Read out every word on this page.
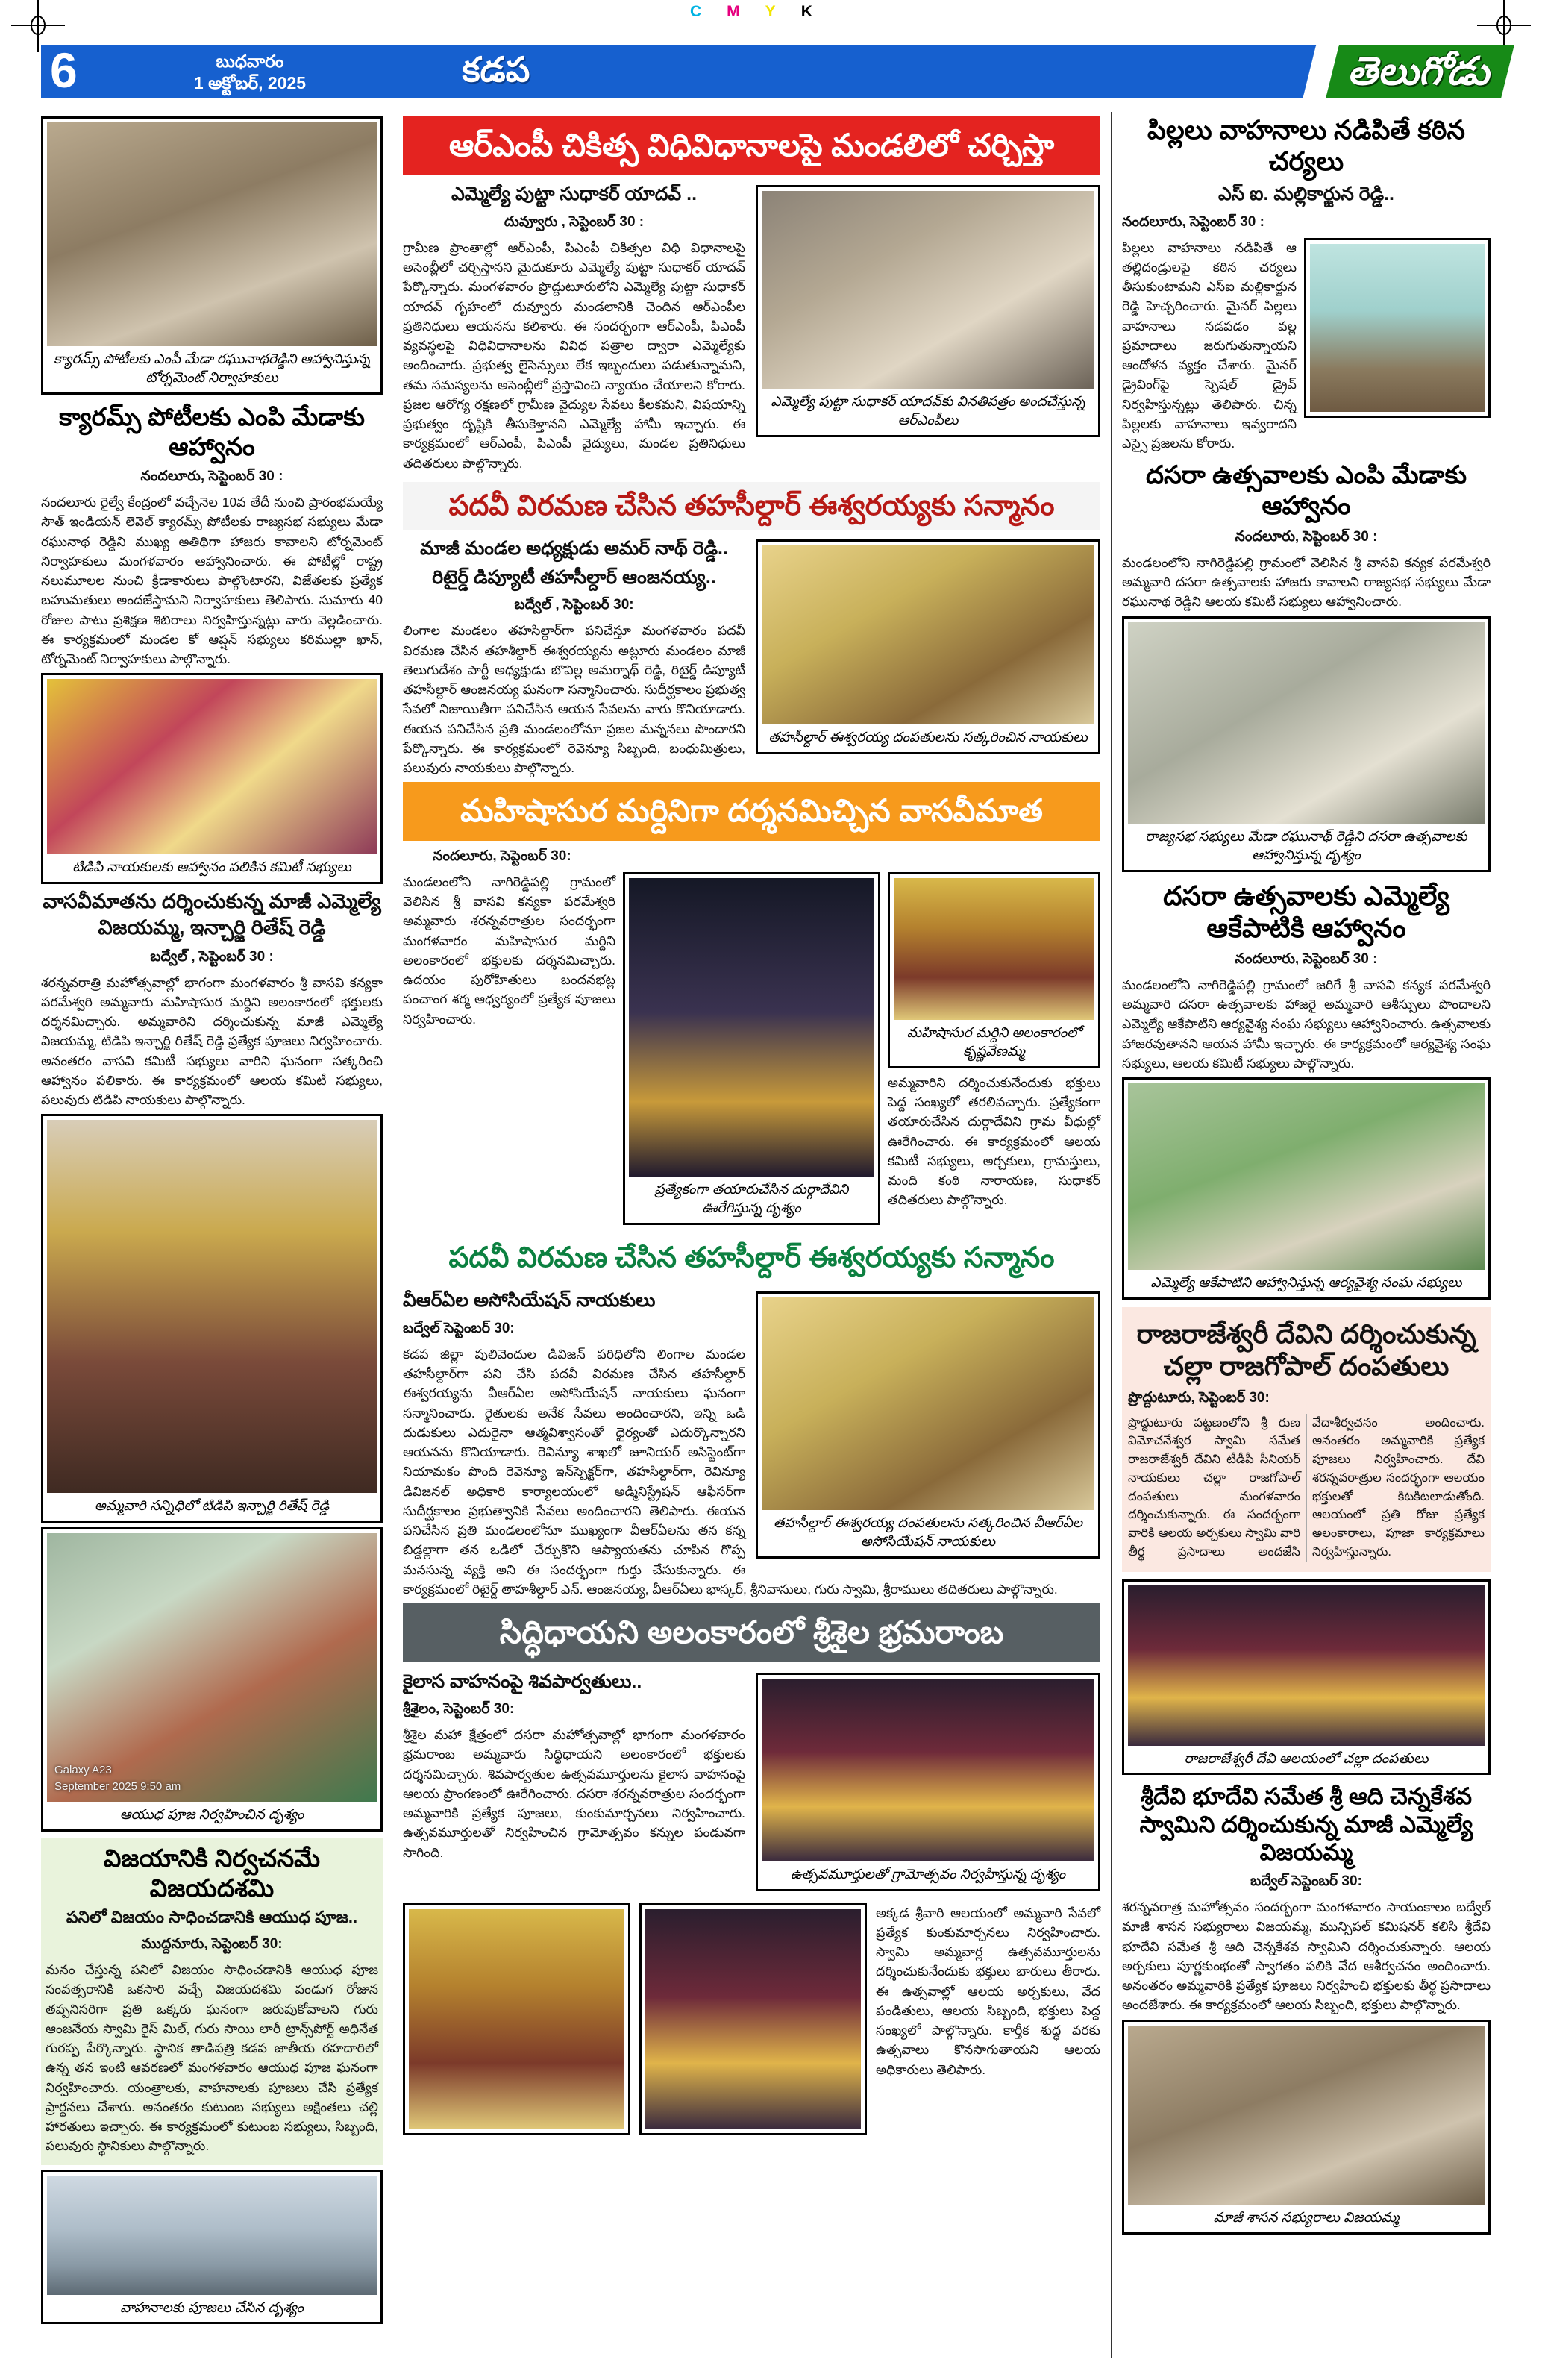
C M Y K
6	బుధవారం
1 అక్టోబర్, 2025	కడప	తెలుగోడు
క్యారమ్స్ పోటీలకు ఎంపీ మేడా రఘునాథరెడ్డిని ఆహ్వానిస్తున్న టోర్నమెంట్ నిర్వాహకులు
క్యారమ్స్ పోటీలకు ఎంపి మేడాకు ఆహ్వానం
నందలూరు, సెప్టెంబర్ 30 :

నందలూరు రైల్వే కేంద్రంలో వచ్చేనెల 10వ తేదీ నుంచి ప్రారంభమయ్యే సౌత్ ఇండియన్ లెవెల్ క్యారమ్స్ పోటీలకు రాజ్యసభ సభ్యులు మేడా రఘునాథ రెడ్డిని ముఖ్య అతిథిగా హాజరు కావాలని టోర్నమెంట్ నిర్వాహకులు మంగళవారం ఆహ్వానించారు. ఈ పోటీల్లో రాష్ట్ర నలుమూలల నుంచి క్రీడాకారులు పాల్గొంటారని, విజేతలకు ప్రత్యేక బహుమతులు అందజేస్తామని నిర్వాహకులు తెలిపారు. సుమారు 40 రోజుల పాటు ప్రశిక్షణ శిబిరాలు నిర్వహిస్తున్నట్లు వారు వెల్లడించారు. ఈ కార్యక్రమంలో మండల కో ఆప్షన్ సభ్యులు కరిముల్లా ఖాన్, టోర్నమెంట్ నిర్వాహకులు పాల్గొన్నారు.

టిడిపి నాయకులకు ఆహ్వానం పలికిన కమిటీ సభ్యులు
వాసవీమాతను దర్శించుకున్న మాజీ ఎమ్మెల్యే విజయమ్మ, ఇన్చార్జి రితేష్ రెడ్డి
బద్వేల్ , సెప్టెంబర్ 30 :

శరన్నవరాత్రి మహోత్సవాల్లో భాగంగా మంగళవారం శ్రీ వాసవి కన్యకా పరమేశ్వరి అమ్మవారు మహిషాసుర మర్దిని అలంకారంలో భక్తులకు దర్శనమిచ్చారు. అమ్మవారిని దర్శించుకున్న మాజీ ఎమ్మెల్యే విజయమ్మ, టిడిపి ఇన్చార్జి రితేష్ రెడ్డి ప్రత్యేక పూజలు నిర్వహించారు. అనంతరం వాసవి కమిటీ సభ్యులు వారిని ఘనంగా సత్కరించి ఆహ్వానం పలికారు. ఈ కార్యక్రమంలో ఆలయ కమిటీ సభ్యులు, పలువురు టిడిపి నాయకులు పాల్గొన్నారు.

అమ్మవారి సన్నిధిలో టిడిపి ఇన్చార్జి రితేష్ రెడ్డి
Galaxy A23
September 2025 9:50 am
ఆయుధ పూజ నిర్వహించిన దృశ్యం
విజయానికి నిర్వచనమే విజయదశమి
పనిలో విజయం సాధించడానికి ఆయుధ పూజ..
ముద్దనూరు, సెప్టెంబర్ 30:

మనం చేస్తున్న పనిలో విజయం సాధించడానికి ఆయుధ పూజ సంవత్సరానికి ఒకసారి వచ్చే విజయదశమి పండుగ రోజున తప్పనిసరిగా ప్రతి ఒక్కరు ఘనంగా జరుపుకోవాలని గురు ఆంజనేయ స్వామి రైస్ మిల్, గురు సాయి లారీ ట్రాన్స్‌పోర్ట్ అధినేత గురప్ప పేర్కొన్నారు. స్థానిక తాడిపత్రి కడప జాతీయ రహదారిలో ఉన్న తన ఇంటి ఆవరణలో మంగళవారం ఆయుధ పూజ ఘనంగా నిర్వహించారు. యంత్రాలకు, వాహనాలకు పూజలు చేసి ప్రత్యేక ప్రార్థనలు చేశారు. అనంతరం కుటుంబ సభ్యులు అక్షింతలు చల్లి హారతులు ఇచ్చారు. ఈ కార్యక్రమంలో కుటుంబ సభ్యులు, సిబ్బంది, పలువురు స్థానికులు పాల్గొన్నారు.

వాహనాలకు పూజలు చేసిన దృశ్యం
ఆర్ఎంపీ చికిత్స విధివిధానాలపై మండలిలో చర్చిస్తా
ఎమ్మెల్యే పుట్టా సుధాకర్ యాదవ్‌కు వినతిపత్రం అందచేస్తున్న ఆర్ఎంపీలు
ఎమ్మెల్యే పుట్టా సుధాకర్ యాదవ్ ..
దువ్వూరు , సెప్టెంబర్ 30 :

గ్రామీణ ప్రాంతాల్లో ఆర్ఎంపీ, పిఎంపీ చికిత్సల విధి విధానాలపై అసెంబ్లీలో చర్చిస్తానని మైదుకూరు ఎమ్మెల్యే పుట్టా సుధాకర్ యాదవ్ పేర్కొన్నారు. మంగళవారం ప్రొద్దుటూరులోని ఎమ్మెల్యే పుట్టా సుధాకర్ యాదవ్ గృహంలో దువ్వూరు మండలానికి చెందిన ఆర్ఎంపీల ప్రతినిధులు ఆయనను కలిశారు. ఈ సందర్భంగా ఆర్ఎంపీ, పిఎంపీ వ్యవస్థలపై విధివిధానాలను వివిధ పత్రాల ద్వారా ఎమ్మెల్యేకు అందించారు. ప్రభుత్వ లైసెన్సులు లేక ఇబ్బందులు పడుతున్నామని, తమ సమస్యలను అసెంబ్లీలో ప్రస్తావించి న్యాయం చేయాలని కోరారు. ప్రజల ఆరోగ్య రక్షణలో గ్రామీణ వైద్యుల సేవలు కీలకమని, విషయాన్ని ప్రభుత్వం దృష్టికి తీసుకెళ్తానని ఎమ్మెల్యే హామీ ఇచ్చారు. ఈ కార్యక్రమంలో ఆర్ఎంపీ, పిఎంపీ వైద్యులు, మండల ప్రతినిధులు తదితరులు పాల్గొన్నారు.

పదవీ విరమణ చేసిన తహసీల్దార్ ఈశ్వరయ్యకు సన్మానం
తహసీల్దార్ ఈశ్వరయ్య దంపతులను సత్కరించిన నాయకులు
మాజీ మండల అధ్యక్షుడు అమర్ నాథ్ రెడ్డి..
రిటైర్డ్ డిప్యూటీ తహసీల్దార్ ఆంజనయ్య..
బద్వేల్ , సెప్టెంబర్ 30:

లింగాల మండలం తహసిల్దార్‌గా పనిచేస్తూ మంగళవారం పదవీ విరమణ చేసిన తహశీల్దార్ ఈశ్వరయ్యను అట్లూరు మండలం మాజీ తెలుగుదేశం పార్టీ అధ్యక్షుడు బొవిల్ల అమర్నాథ్ రెడ్డి, రిటైర్డ్ డిప్యూటీ తహసీల్దార్ ఆంజనయ్య ఘనంగా సన్మానించారు. సుదీర్ఘకాలం ప్రభుత్వ సేవలో నిజాయితీగా పనిచేసిన ఆయన సేవలను వారు కొనియాడారు. ఈయన పనిచేసిన ప్రతి మండలంలోనూ ప్రజల మన్ననలు పొందారని పేర్కొన్నారు. ఈ కార్యక్రమంలో రెవెన్యూ సిబ్బంది, బంధుమిత్రులు, పలువురు నాయకులు పాల్గొన్నారు.

మహిషాసుర మర్దినిగా దర్శనమిచ్చిన వాసవీమాత
నందలూరు, సెప్టెంబర్ 30:

మండలంలోని నాగిరెడ్డిపల్లి గ్రామంలో వెలిసిన శ్రీ వాసవి కన్యకా పరమేశ్వరి అమ్మవారు శరన్నవరాత్రుల సందర్భంగా మంగళవారం మహిషాసుర మర్దిని అలంకారంలో భక్తులకు దర్శనమిచ్చారు. ఉదయం పురోహితులు బందనభట్ల పంచాంగ శర్మ ఆధ్వర్యంలో ప్రత్యేక పూజలు నిర్వహించారు.

ప్రత్యేకంగా తయారుచేసిన దుర్గాదేవిని ఊరేగిస్తున్న దృశ్యం
మహిషాసుర మర్దిని అలంకారంలో కృష్ణవేణమ్మ

అమ్మవారిని దర్శించుకునేందుకు భక్తులు పెద్ద సంఖ్యలో తరలివచ్చారు. ప్రత్యేకంగా తయారుచేసిన దుర్గాదేవిని గ్రామ వీధుల్లో ఊరేగించారు. ఈ కార్యక్రమంలో ఆలయ కమిటీ సభ్యులు, అర్చకులు, గ్రామస్తులు, మంది కంఠి నారాయణ, సుధాకర్ తదితరులు పాల్గొన్నారు.

పదవీ విరమణ చేసిన తహసీల్దార్ ఈశ్వరయ్యకు సన్మానం
తహసీల్దార్ ఈశ్వరయ్య దంపతులను సత్కరించిన వీఆర్ఏల అసోసియేషన్ నాయకులు
వీఆర్ఏల అసోసియేషన్ నాయకులు
బద్వేల్ సెప్టెంబర్ 30:

కడప జిల్లా పులివెందుల డివిజన్ పరిధిలోని లింగాల మండల తహసీల్దార్‌గా పని చేసి పదవీ విరమణ చేసిన తహసీల్దార్ ఈశ్వరయ్యను వీఆర్ఏల అసోసియేషన్ నాయకులు ఘనంగా సన్మానించారు. రైతులకు అనేక సేవలు అందించారని, ఇన్ని ఒడి దుడుకులు ఎదురైనా ఆత్మవిశ్వాసంతో ధైర్యంతో ఎదుర్కొన్నారని ఆయనను కొనియాడారు. రెవిన్యూ శాఖలో జూనియర్ అసిస్టెంట్‌గా నియామకం పొంది రెవెన్యూ ఇన్‌స్పెక్టర్‌గా, తహసిల్దార్‌గా, రెవిన్యూ డివిజనల్ అధికారి కార్యాలయంలో అడ్మినిస్ట్రేషన్ ఆఫీసర్‌గా సుదీర్ఘకాలం ప్రభుత్వానికి సేవలు అందించారని తెలిపారు. ఈయన పనిచేసిన ప్రతి మండలంలోనూ ముఖ్యంగా వీఆర్ఏలను తన కన్న బిడ్డల్లాగా తన ఒడిలో చేర్చుకొని ఆప్యాయతను చూపిన గొప్ప మనసున్న వ్యక్తి అని ఈ సందర్భంగా గుర్తు చేసుకున్నారు. ఈ కార్యక్రమంలో రిటైర్డ్ తాహశీల్దార్ ఎన్. ఆంజనయ్య, వీఆర్ఏలు భాస్కర్, శ్రీనివాసులు, గురు స్వామి, శ్రీరాములు తదితరులు పాల్గొన్నారు.

సిద్ధిధాయని అలంకారంలో శ్రీశైల భ్రమరాంబ
ఉత్సవమూర్తులతో గ్రామోత్సవం నిర్వహిస్తున్న దృశ్యం
కైలాస వాహనంపై శివపార్వతులు..
శ్రీశైలం, సెప్టెంబర్ 30:

శ్రీశైల మహా క్షేత్రంలో దసరా మహోత్సవాల్లో భాగంగా మంగళవారం భ్రమరాంబ అమ్మవారు సిద్ధిధాయని అలంకారంలో భక్తులకు దర్శనమిచ్చారు. శివపార్వతుల ఉత్సవమూర్తులను కైలాస వాహనంపై ఆలయ ప్రాంగణంలో ఊరేగించారు. దసరా శరన్నవరాత్రుల సందర్భంగా అమ్మవారికి ప్రత్యేక పూజలు, కుంకుమార్చనలు నిర్వహించారు. ఉత్సవమూర్తులతో నిర్వహించిన గ్రామోత్సవం కన్నుల పండువగా సాగింది.

అక్కడ శ్రీవారి ఆలయంలో అమ్మవారి సేవలో ప్రత్యేక కుంకుమార్చనలు నిర్వహించారు. స్వామి అమ్మవార్ల ఉత్సవమూర్తులను దర్శించుకునేందుకు భక్తులు బారులు తీరారు. ఈ ఉత్సవాల్లో ఆలయ అర్చకులు, వేద పండితులు, ఆలయ సిబ్బంది, భక్తులు పెద్ద సంఖ్యలో పాల్గొన్నారు. కార్తీక శుద్ధ వరకు ఉత్సవాలు కొనసాగుతాయని ఆలయ అధికారులు తెలిపారు.

పిల్లలు వాహనాలు నడిపితే కఠిన చర్యలు
ఎస్ ఐ. మల్లికార్జున రెడ్డి..
నందలూరు, సెప్టెంబర్ 30 :

పిల్లలు వాహనాలు నడిపితే ఆ తల్లిదండ్రులపై కఠిన చర్యలు తీసుకుంటామని ఎస్ఐ మల్లికార్జున రెడ్డి హెచ్చరించారు. మైనర్ పిల్లలు వాహనాలు నడపడం వల్ల ప్రమాదాలు జరుగుతున్నాయని ఆందోళన వ్యక్తం చేశారు. మైనర్ డ్రైవింగ్‌పై స్పెషల్ డ్రైవ్ నిర్వహిస్తున్నట్లు తెలిపారు. చిన్న పిల్లలకు వాహనాలు ఇవ్వరాదని ఎస్సై ప్రజలను కోరారు.

దసరా ఉత్సవాలకు ఎంపి మేడాకు ఆహ్వానం
నందలూరు, సెప్టెంబర్ 30 :

మండలంలోని నాగిరెడ్డిపల్లి గ్రామంలో వెలిసిన శ్రీ వాసవి కన్యక పరమేశ్వరి అమ్మవారి దసరా ఉత్సవాలకు హాజరు కావాలని రాజ్యసభ సభ్యులు మేడా రఘునాథ రెడ్డిని ఆలయ కమిటీ సభ్యులు ఆహ్వానించారు.

రాజ్యసభ సభ్యులు మేడా రఘునాథ్ రెడ్డిని దసరా ఉత్సవాలకు ఆహ్వానిస్తున్న దృశ్యం
దసరా ఉత్సవాలకు ఎమ్మెల్యే ఆకేపాటికి ఆహ్వానం
నందలూరు, సెప్టెంబర్ 30 :

మండలంలోని నాగిరెడ్డిపల్లి గ్రామంలో జరిగే శ్రీ వాసవి కన్యక పరమేశ్వరి అమ్మవారి దసరా ఉత్సవాలకు హాజరై అమ్మవారి ఆశీస్సులు పొందాలని ఎమ్మెల్యే ఆకేపాటిని ఆర్యవైశ్య సంఘ సభ్యులు ఆహ్వానించారు. ఉత్సవాలకు హాజరవుతానని ఆయన హామీ ఇచ్చారు. ఈ కార్యక్రమంలో ఆర్యవైశ్య సంఘ సభ్యులు, ఆలయ కమిటీ సభ్యులు పాల్గొన్నారు.

ఎమ్మెల్యే ఆకేపాటిని ఆహ్వానిస్తున్న ఆర్యవైశ్య సంఘ సభ్యులు
రాజరాజేశ్వరీ దేవిని దర్శించుకున్న చల్లా రాజగోపాల్ దంపతులు
ప్రొద్దుటూరు, సెప్టెంబర్ 30:

ప్రొద్దుటూరు పట్టణంలోని శ్రీ రుణ విమోచనేశ్వర స్వామి సమేత రాజరాజేశ్వరీ దేవిని టీడీపీ సీనియర్ నాయకులు చల్లా రాజగోపాల్ దంపతులు మంగళవారం దర్శించుకున్నారు. ఈ సందర్భంగా వారికి ఆలయ అర్చకులు స్వామి వారి తీర్థ ప్రసాదాలు అందజేసి వేదాశీర్వచనం అందించారు. అనంతరం అమ్మవారికి ప్రత్యేక పూజలు నిర్వహించారు. దేవి శరన్నవరాత్రుల సందర్భంగా ఆలయం భక్తులతో కిటకిటలాడుతోంది. ఆలయంలో ప్రతి రోజు ప్రత్యేక అలంకారాలు, పూజా కార్యక్రమాలు నిర్వహిస్తున్నారు.

రాజరాజేశ్వరీ దేవి ఆలయంలో చల్లా దంపతులు
శ్రీదేవి భూదేవి సమేత శ్రీ ఆది చెన్నకేశవ స్వామిని దర్శించుకున్న మాజీ ఎమ్మెల్యే విజయమ్మ
బద్వేల్ సెప్టెంబర్ 30:

శరన్నవరాత్ర మహోత్సవం సందర్భంగా మంగళవారం సాయంకాలం బద్వేల్ మాజీ శాసన సభ్యురాలు విజయమ్మ, మున్సిపల్ కమిషనర్ కలిసి శ్రీదేవి భూదేవి సమేత శ్రీ ఆది చెన్నకేశవ స్వామిని దర్శించుకున్నారు. ఆలయ అర్చకులు పూర్ణకుంభంతో స్వాగతం పలికి వేద ఆశీర్వచనం అందించారు. అనంతరం అమ్మవారికి ప్రత్యేక పూజలు నిర్వహించి భక్తులకు తీర్థ ప్రసాదాలు అందజేశారు. ఈ కార్యక్రమంలో ఆలయ సిబ్బంది, భక్తులు పాల్గొన్నారు.

మాజీ శాసన సభ్యురాలు విజయమ్మ
